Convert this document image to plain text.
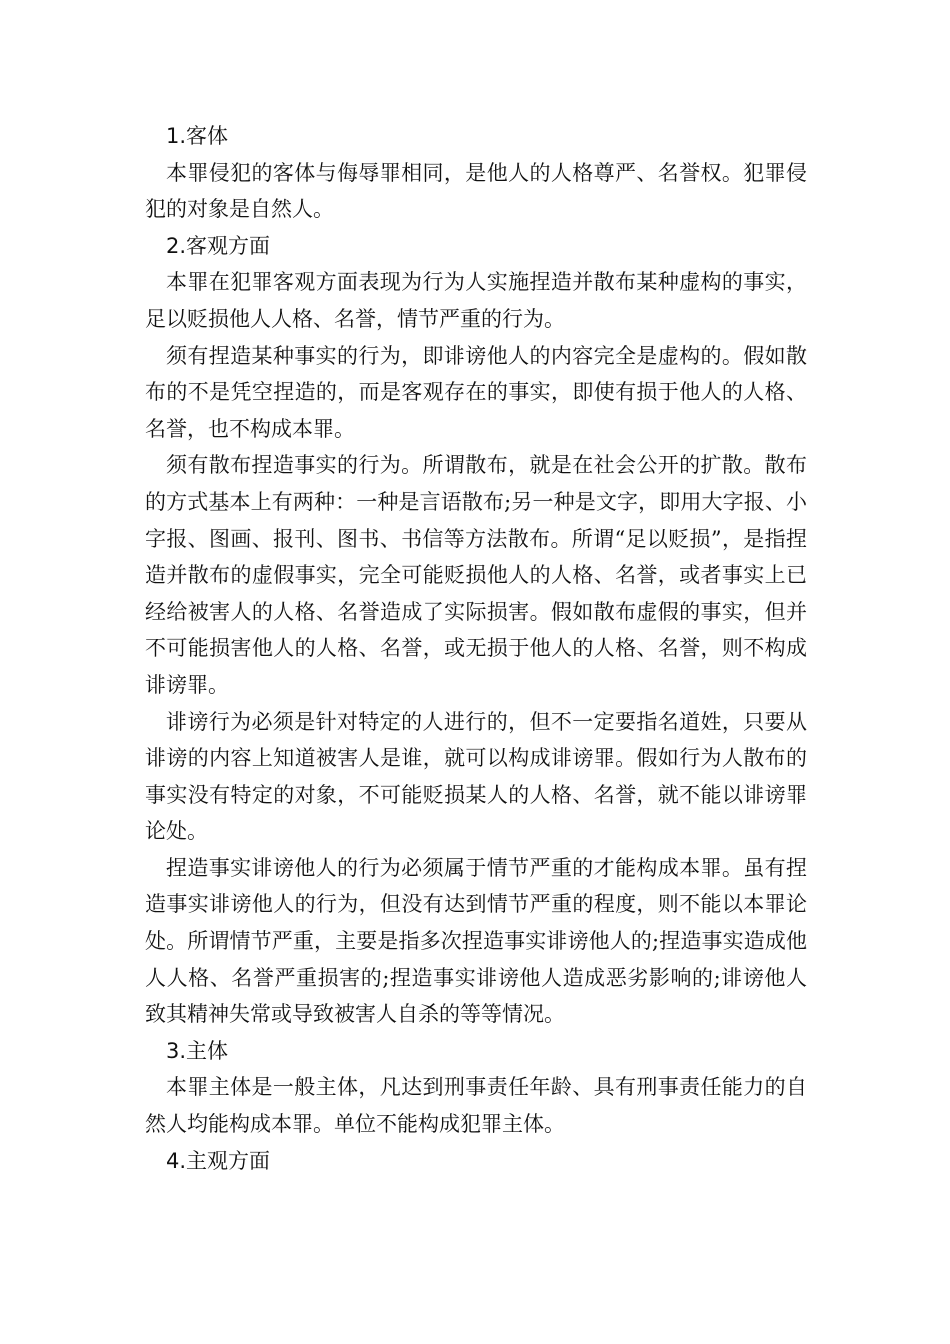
1.客体

本罪侵犯的客体与侮辱罪相同，是他人的人格尊严、名誉权。犯罪侵犯的对象是自然人。

2.客观方面

本罪在犯罪客观方面表现为行为人实施捏造并散布某种虚构的事实，足以贬损他人人格、名誉，情节严重的行为。

须有捏造某种事实的行为，即诽谤他人的内容完全是虚构的。假如散布的不是凭空捏造的，而是客观存在的事实，即使有损于他人的人格、名誉，也不构成本罪。

须有散布捏造事实的行为。所谓散布，就是在社会公开的扩散。散布的方式基本上有两种：一种是言语散布;另一种是文字，即用大字报、小字报、图画、报刊、图书、书信等方法散布。所谓“足以贬损”，是指捏造并散布的虚假事实，完全可能贬损他人的人格、名誉，或者事实上已经给被害人的人格、名誉造成了实际损害。假如散布虚假的事实，但并不可能损害他人的人格、名誉，或无损于他人的人格、名誉，则不构成诽谤罪。

诽谤行为必须是针对特定的人进行的，但不一定要指名道姓，只要从诽谤的内容上知道被害人是谁，就可以构成诽谤罪。假如行为人散布的事实没有特定的对象，不可能贬损某人的人格、名誉，就不能以诽谤罪论处。

捏造事实诽谤他人的行为必须属于情节严重的才能构成本罪。虽有捏造事实诽谤他人的行为，但没有达到情节严重的程度，则不能以本罪论处。所谓情节严重，主要是指多次捏造事实诽谤他人的;捏造事实造成他人人格、名誉严重损害的;捏造事实诽谤他人造成恶劣影响的;诽谤他人致其精神失常或导致被害人自杀的等等情况。

3.主体

本罪主体是一般主体，凡达到刑事责任年龄、具有刑事责任能力的自然人均能构成本罪。单位不能构成犯罪主体。

4.主观方面
